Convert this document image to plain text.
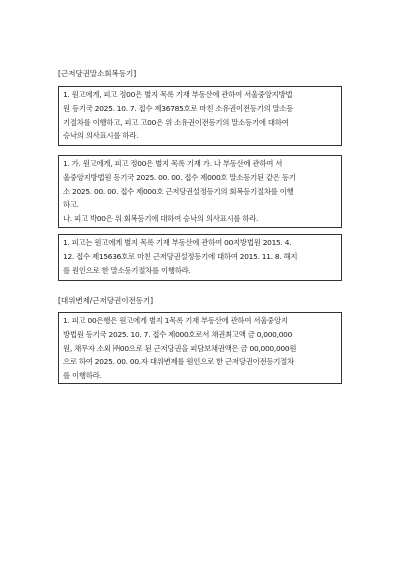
[근저당권말소회복등기]
1. 원고에게, 피고 정00은 별지 목록 기재 부동산에 관하여 서울중앙지방법
원 등기국 2025. 10. 7. 접수 제36785호로 마친 소유권이전등기의 말소등
기절차를 이행하고, 피고 고00은 위 소유권이전등기의 말소등기에 대하여
승낙의 의사표시를 하라.
1. 가. 원고에게, 피고 정00은 별지 목록 기재 가. 나 부동산에 관하여 서
울중앙지방법원 등기국 2025. 00. 00. 접수 제000호 말소등기된 같은 등기
소 2025. 00. 00. 접수 제000호 근저당권설정등기의 회복등기절차를 이행
하고.
나. 피고 박00은 위 회복등기에 대하여 승낙의 의사표시를 하라.
1. 피고는 원고에게 별지 목록 기재 부동산에 관하여 00지방법원 2015. 4.
12. 접수 제15636호로 마친 근저당권설정등기에 대하여 2015. 11. 8. 해지
를 원인으로 한 말소등기절차를 이행하라.
[대위변제/근저당권이전등기]
1. 피고 00은행은 원고에게 별지 1목록 기재 부동산에 관하여 서울중앙지
방법원 등기국 2025. 10. 7. 접수 제000호로서 채권최고액 금 0,000,000
원, 채무자 소외 ㈜00으로 된 근저당권을 피담보채권액은 금 00,000,000원
으로 하여 2025. 00. 00.자 대위변제를 원인으로 한 근저당권이전등기절차
를 이행하라.
